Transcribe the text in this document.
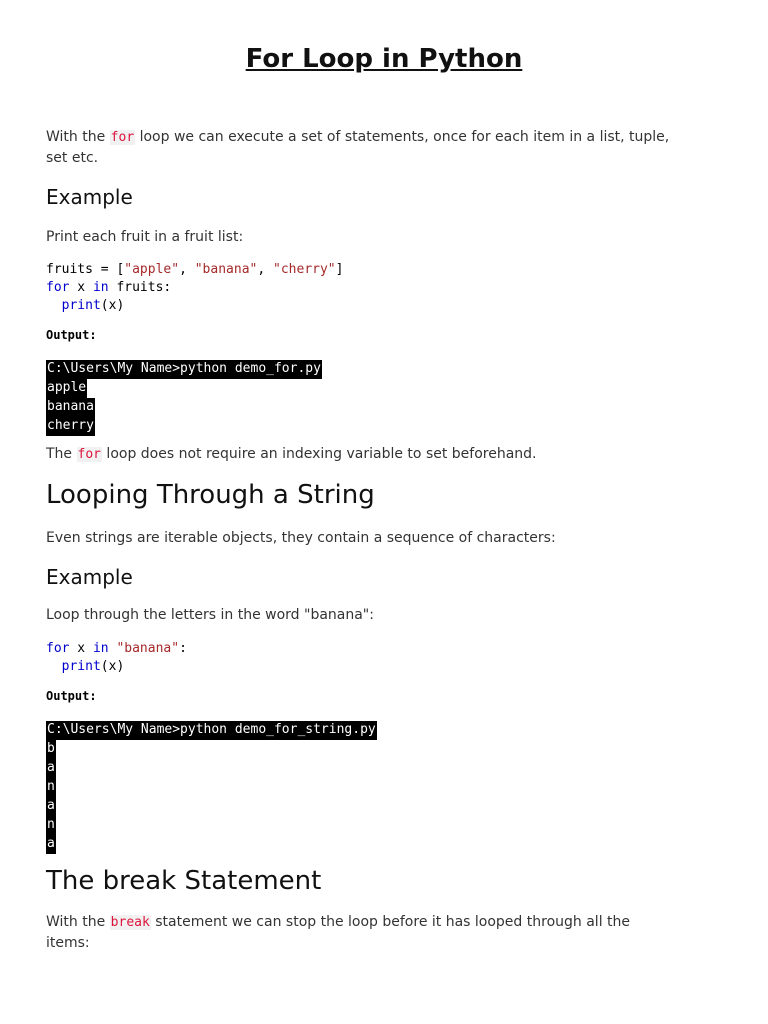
For Loop in Python
With the for loop we can execute a set of statements, once for each item in a list, tuple,
set etc.
Example
Print each fruit in a fruit list:
fruits = ["apple", "banana", "cherry"]
for x in fruits:
print(x)
Output:
C:\Users\My Name>python demo_for.py
apple
banana
cherry
The for loop does not require an indexing variable to set beforehand.
Looping Through a String
Even strings are iterable objects, they contain a sequence of characters:
Example
Loop through the letters in the word "banana":
for x in "banana":
print(x)
Output:
C:\Users\My Name>python demo_for_string.py
b
a
n
a
n
a
The break Statement
With the break statement we can stop the loop before it has looped through all the
items:
